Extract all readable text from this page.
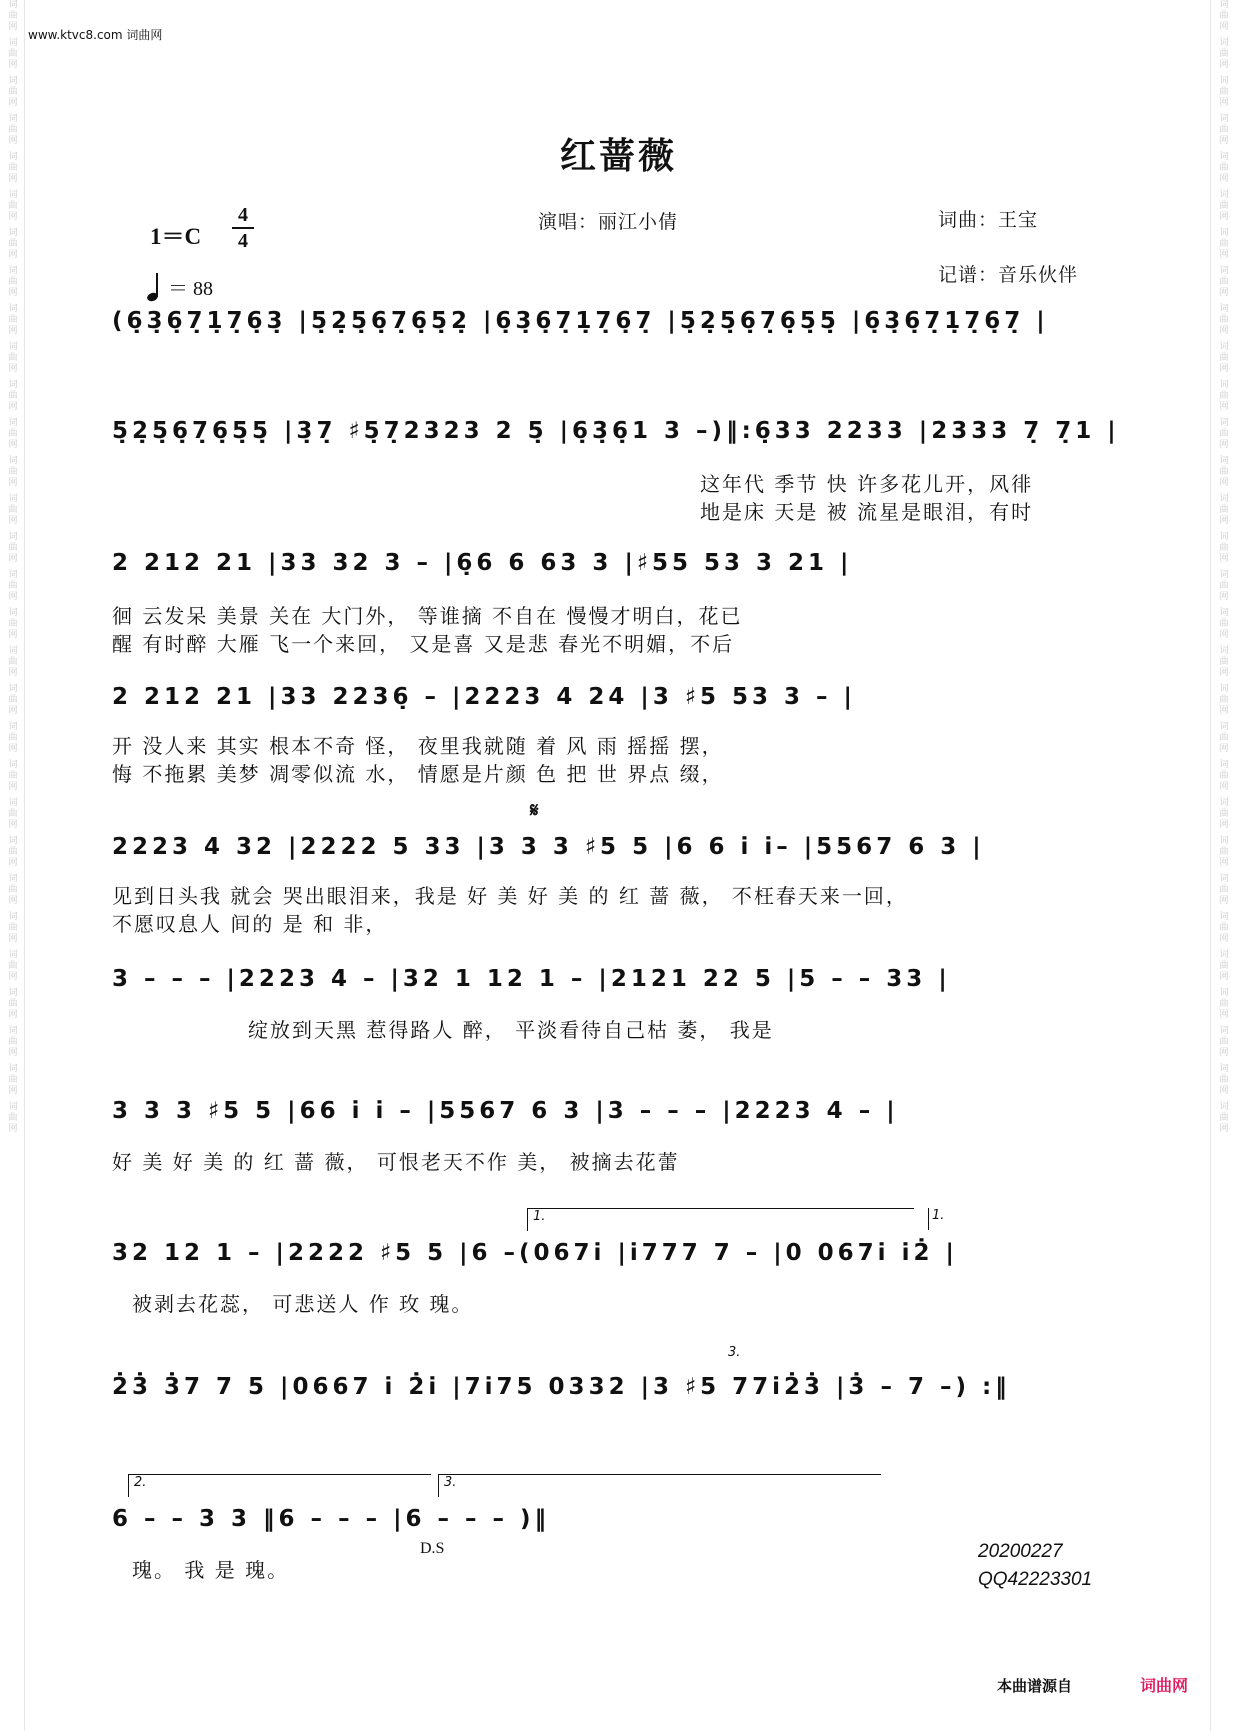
词
曲
网
词
曲
网
词
曲
网
词
曲
网
词
曲
网
词
曲
网
词
曲
网
词
曲
网
词
曲
网
词
曲
网
词
曲
网
词
曲
网
词
曲
网
词
曲
网
词
曲
网
词
曲
网
词
曲
网
词
曲
网
词
曲
网
词
曲
网
词
曲
网
词
曲
网
词
曲
网
词
曲
网
词
曲
网
词
曲
网
词
曲
网
词
曲
网
词
曲
网
词
曲
网
词
曲
网
词
曲
网
词
曲
网
词
曲
网
词
曲
网
词
曲
网
词
曲
网
词
曲
网
词
曲
网
词
曲
网
词
曲
网
词
曲
网
词
曲
网
词
曲
网
词
曲
网
词
曲
网
词
曲
网
词
曲
网
词
曲
网
词
曲
网
词
曲
网
词
曲
网
词
曲
网
词
曲
网
词
曲
网
词
曲
网
词
曲
网
词
曲
网
词
曲
网
词
曲
网
www.ktvc8.com 词曲网
红蔷薇
1＝C
4
4
＝ 88
演唱：丽江小倩	词曲：王宝
记谱：音乐伙伴
(6̣3̣6̣7̣1̣7̣6̣3̣ |5̣2̣5̣6̣7̣6̣5̣2̣ |6̣3̣6̣7̣1̣7̣6̣7̣ |5̣2̣5̣6̣7̣6̣5̣5̣ |6̣3̣6̣7̣1̣7̣6̣7̣ |
5̣2̣5̣6̣7̣6̣5̣5̣ |3̣7̣ ♯5̣7̣2323 2 5̣ |6̣3̣6̣1 3 –)‖:6̣33 2233 |2333 7̣ 7̣1 |
这年代 季节 快 许多花儿开，风徘
地是床 天是 被 流星是眼泪，有时
2 212 21 |33 32 3 – |6̣6 6 63 3 |♯55 53 3 21 |
徊 云发呆 美景 关在 大门外， 等谁摘 不自在 慢慢才明白，花已
醒 有时醉 大雁 飞一个来回， 又是喜 又是悲 春光不明媚，不后
2 212 21 |33 2236̣ – |2223 4 24 |3 ♯5 53 3 – |
开 没人来 其实 根本不奇 怪， 夜里我就随 着 风 雨 摇摇 摆，
悔 不拖累 美梦 凋零似流 水， 情愿是片颜 色 把 世 界点 缀，
𝄋
2223 4 32 |2222 5 33 |3 3 3 ♯5 5 |6 6 i̇ i̇– |5567 6 3 |
见到日头我 就会 哭出眼泪来，我是 好 美 好 美 的 红 蔷 薇， 不枉春天来一回，
不愿叹息人 间的 是 和 非，
3 – – – |2223 4 – |32 1 12 1 – |2121 22 5 |5 – – 33 |
绽放到天黑 惹得路人 醉， 平淡看待自己枯 萎， 我是
3 3 3 ♯5 5 |66 i̇ i̇ – |5567 6 3 |3 – – – |2223 4 – |
好 美 好 美 的 红 蔷 薇， 可恨老天不作 美， 被摘去花蕾
1.	1.
32 12 1 – |2222 ♯5 5 |6 –(067i̇ |i̇777 7 – |0 067i̇ i̇2̇ |
被剥去花蕊， 可悲送人 作 玫 瑰。
3.
2̇3̇ 3̇7 7 5 |0667 i̇ 2̇i̇ |7i̇75 0332 |3 ♯5 77i̇2̇3̇ |3̇ – 7 –) :‖
2.	3.
6 – – 3 3 ‖6 – – – |6 – – – )‖
瑰。 我 是 瑰。
D.S	20200227
QQ42223301
本曲谱源自	词曲网
